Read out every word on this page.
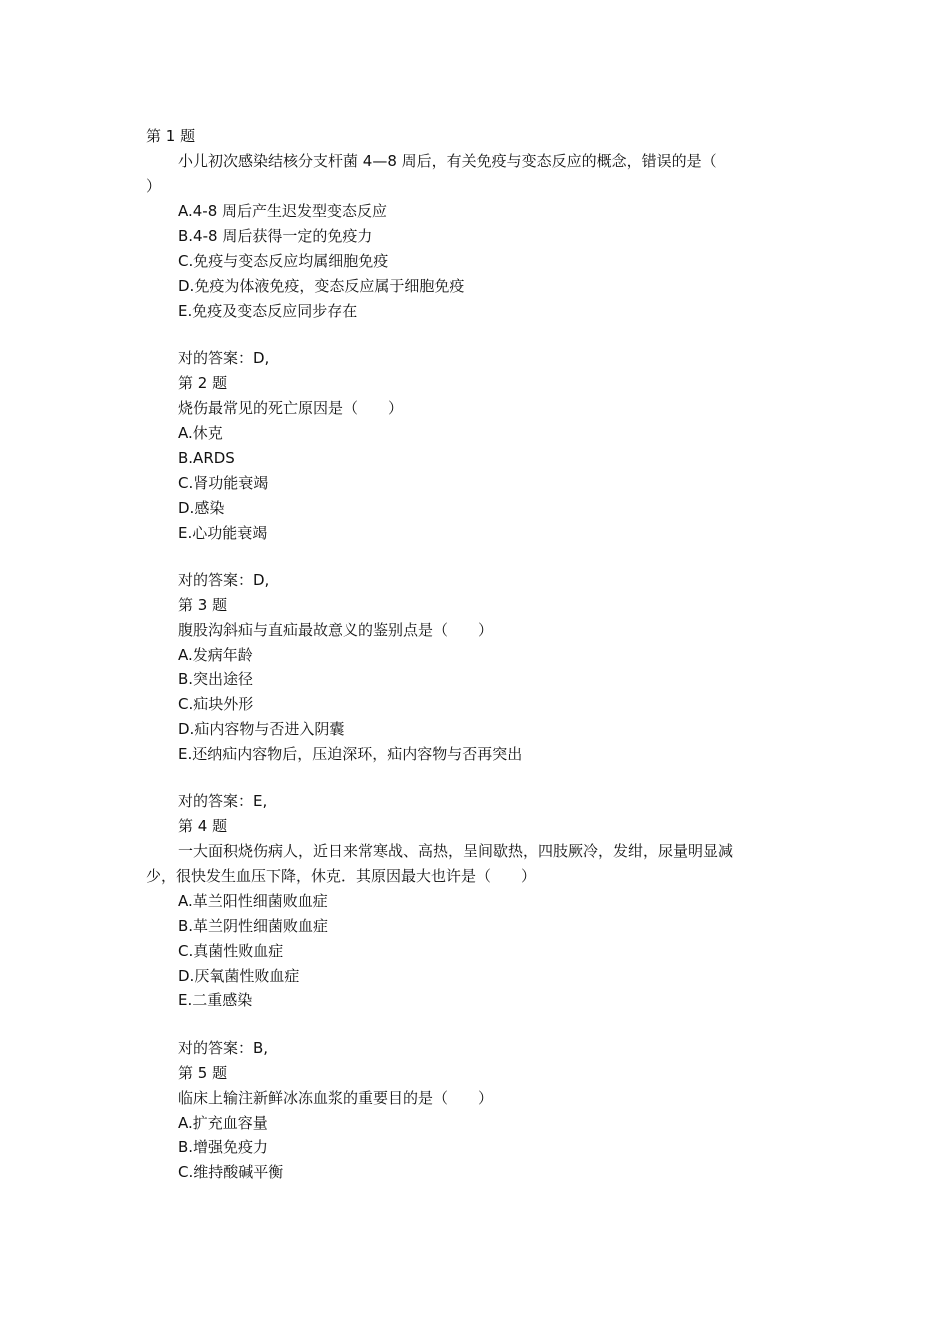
第 1 题
小儿初次感染结核分支杆菌 4—8 周后，有关免疫与变态反应的概念，错误的是（
）
A.4-8 周后产生迟发型变态反应
B.4-8 周后获得一定的免疫力
C.免疫与变态反应均属细胞免疫
D.免疫为体液免疫，变态反应属于细胞免疫
E.免疫及变态反应同步存在
对的答案：D,
第 2 题
烧伤最常见的死亡原因是（　　）
A.休克
B.ARDS
C.肾功能衰竭
D.感染
E.心功能衰竭
对的答案：D,
第 3 题
腹股沟斜疝与直疝最故意义的鉴别点是（　　）
A.发病年龄
B.突出途径
C.疝块外形
D.疝内容物与否进入阴囊
E.还纳疝内容物后，压迫深环，疝内容物与否再突出
对的答案：E,
第 4 题
一大面积烧伤病人，近日来常寒战、高热，呈间歇热，四肢厥冷，发绀，尿量明显减
少，很快发生血压下降，休克．其原因最大也许是（　　）
A.革兰阳性细菌败血症
B.革兰阴性细菌败血症
C.真菌性败血症
D.厌氧菌性败血症
E.二重感染
对的答案：B,
第 5 题
临床上输注新鲜冰冻血浆的重要目的是（　　）
A.扩充血容量
B.增强免疫力
C.维持酸碱平衡
